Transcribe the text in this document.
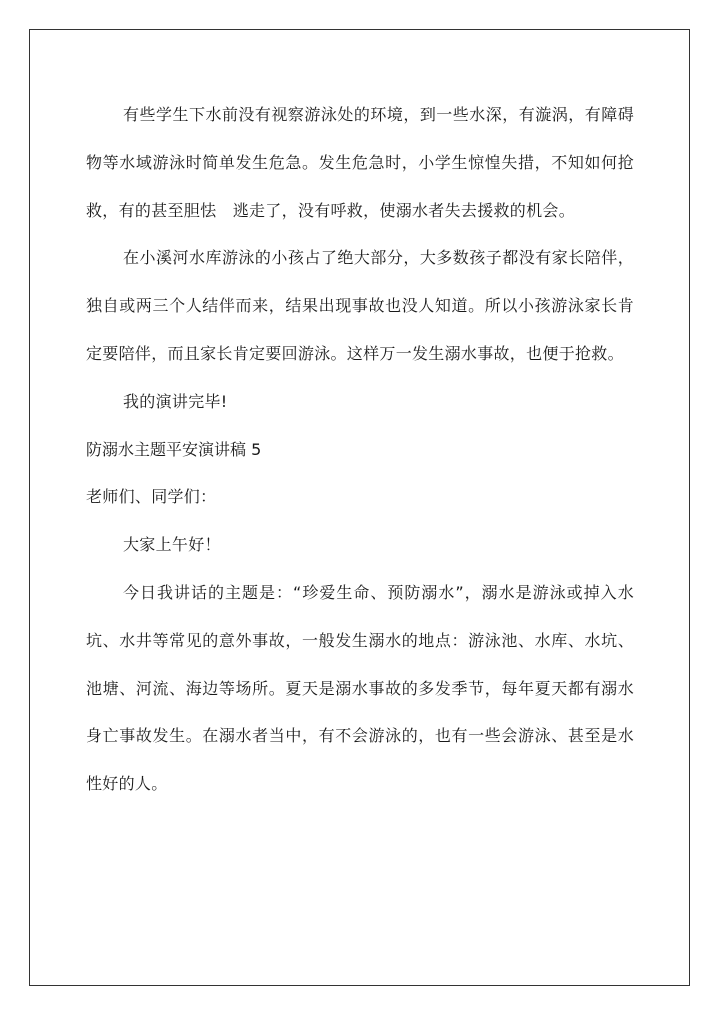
有些学生下水前没有视察游泳处的环境，到一些水深，有漩涡，有障碍物等水域游泳时简单发生危急。发生危急时，小学生惊惶失措，不知如何抢救，有的甚至胆怯　逃走了，没有呼救，使溺水者失去援救的机会。

在小溪河水库游泳的小孩占了绝大部分，大多数孩子都没有家长陪伴，独自或两三个人结伴而来，结果出现事故也没人知道。所以小孩游泳家长肯定要陪伴，而且家长肯定要回游泳。这样万一发生溺水事故，也便于抢救。

我的演讲完毕!

防溺水主题平安演讲稿 5

老师们、同学们：

大家上午好！

今日我讲话的主题是：“珍爱生命、预防溺水”，溺水是游泳或掉入水坑、水井等常见的意外事故，一般发生溺水的地点：游泳池、水库、水坑、池塘、河流、海边等场所。夏天是溺水事故的多发季节，每年夏天都有溺水身亡事故发生。在溺水者当中，有不会游泳的，也有一些会游泳、甚至是水性好的人。
